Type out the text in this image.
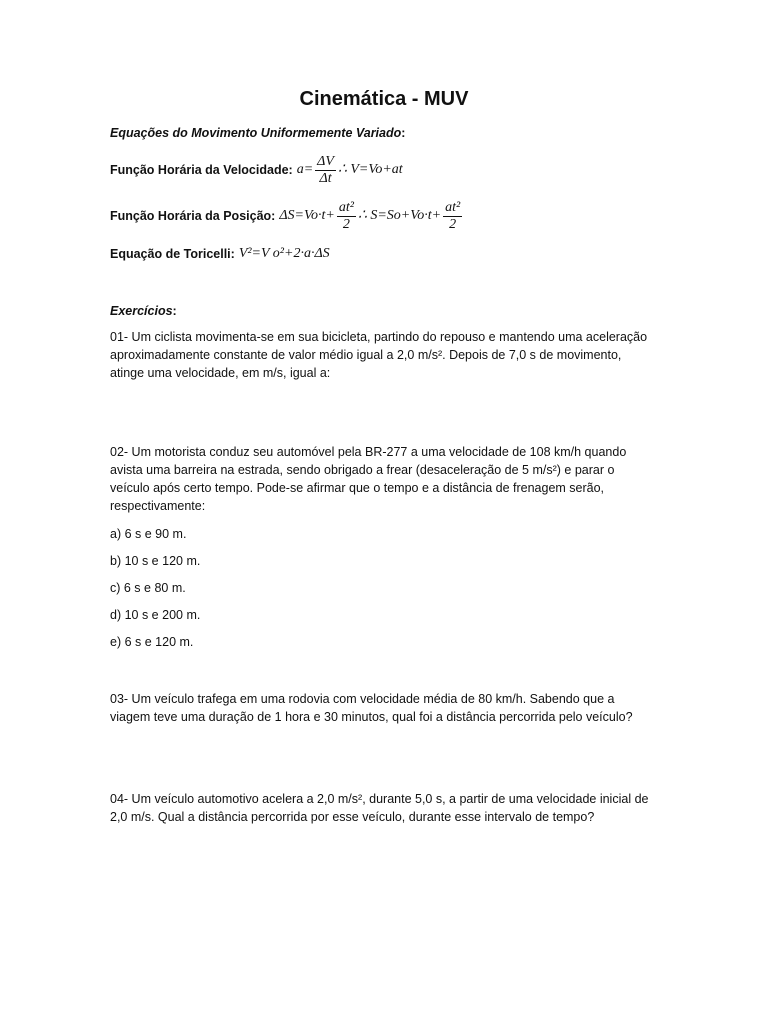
Cinemática - MUV
Equações do Movimento Uniformemente Variado:
Função Horária da Velocidade: $a= \frac{\Delta V}{\Delta t}$ ∴ V=Vo+at
Função Horária da Posição: $\Delta S=Vo\cdot t+ \frac{\text{at²}}{2}$ ∴ $S=So+Vo\cdot t+ \frac{\text{at²}}{2}$
Equação de Toricelli: V²=V o²+2·a·ΔS
Exercícios:
01- Um ciclista movimenta-se em sua bicicleta, partindo do repouso e mantendo uma aceleração aproximadamente constante de valor médio igual a 2,0 m/s². Depois de 7,0 s de movimento, atinge uma velocidade, em m/s, igual a:
02- Um motorista conduz seu automóvel pela BR-277 a uma velocidade de 108 km/h quando avista uma barreira na estrada, sendo obrigado a frear (desaceleração de 5 m/s²) e parar o veículo após certo tempo. Pode-se afirmar que o tempo e a distância de frenagem serão, respectivamente:
a) 6 s e 90 m.
b) 10 s e 120 m.
c) 6 s e 80 m.
d) 10 s e 200 m.
e) 6 s e 120 m.
03- Um veículo trafega em uma rodovia com velocidade média de 80 km/h. Sabendo que a viagem teve uma duração de 1 hora e 30 minutos, qual foi a distância percorrida pelo veículo?
04- Um veículo automotivo acelera a 2,0 m/s², durante 5,0 s, a partir de uma velocidade inicial de 2,0 m/s. Qual a distância percorrida por esse veículo, durante esse intervalo de tempo?
